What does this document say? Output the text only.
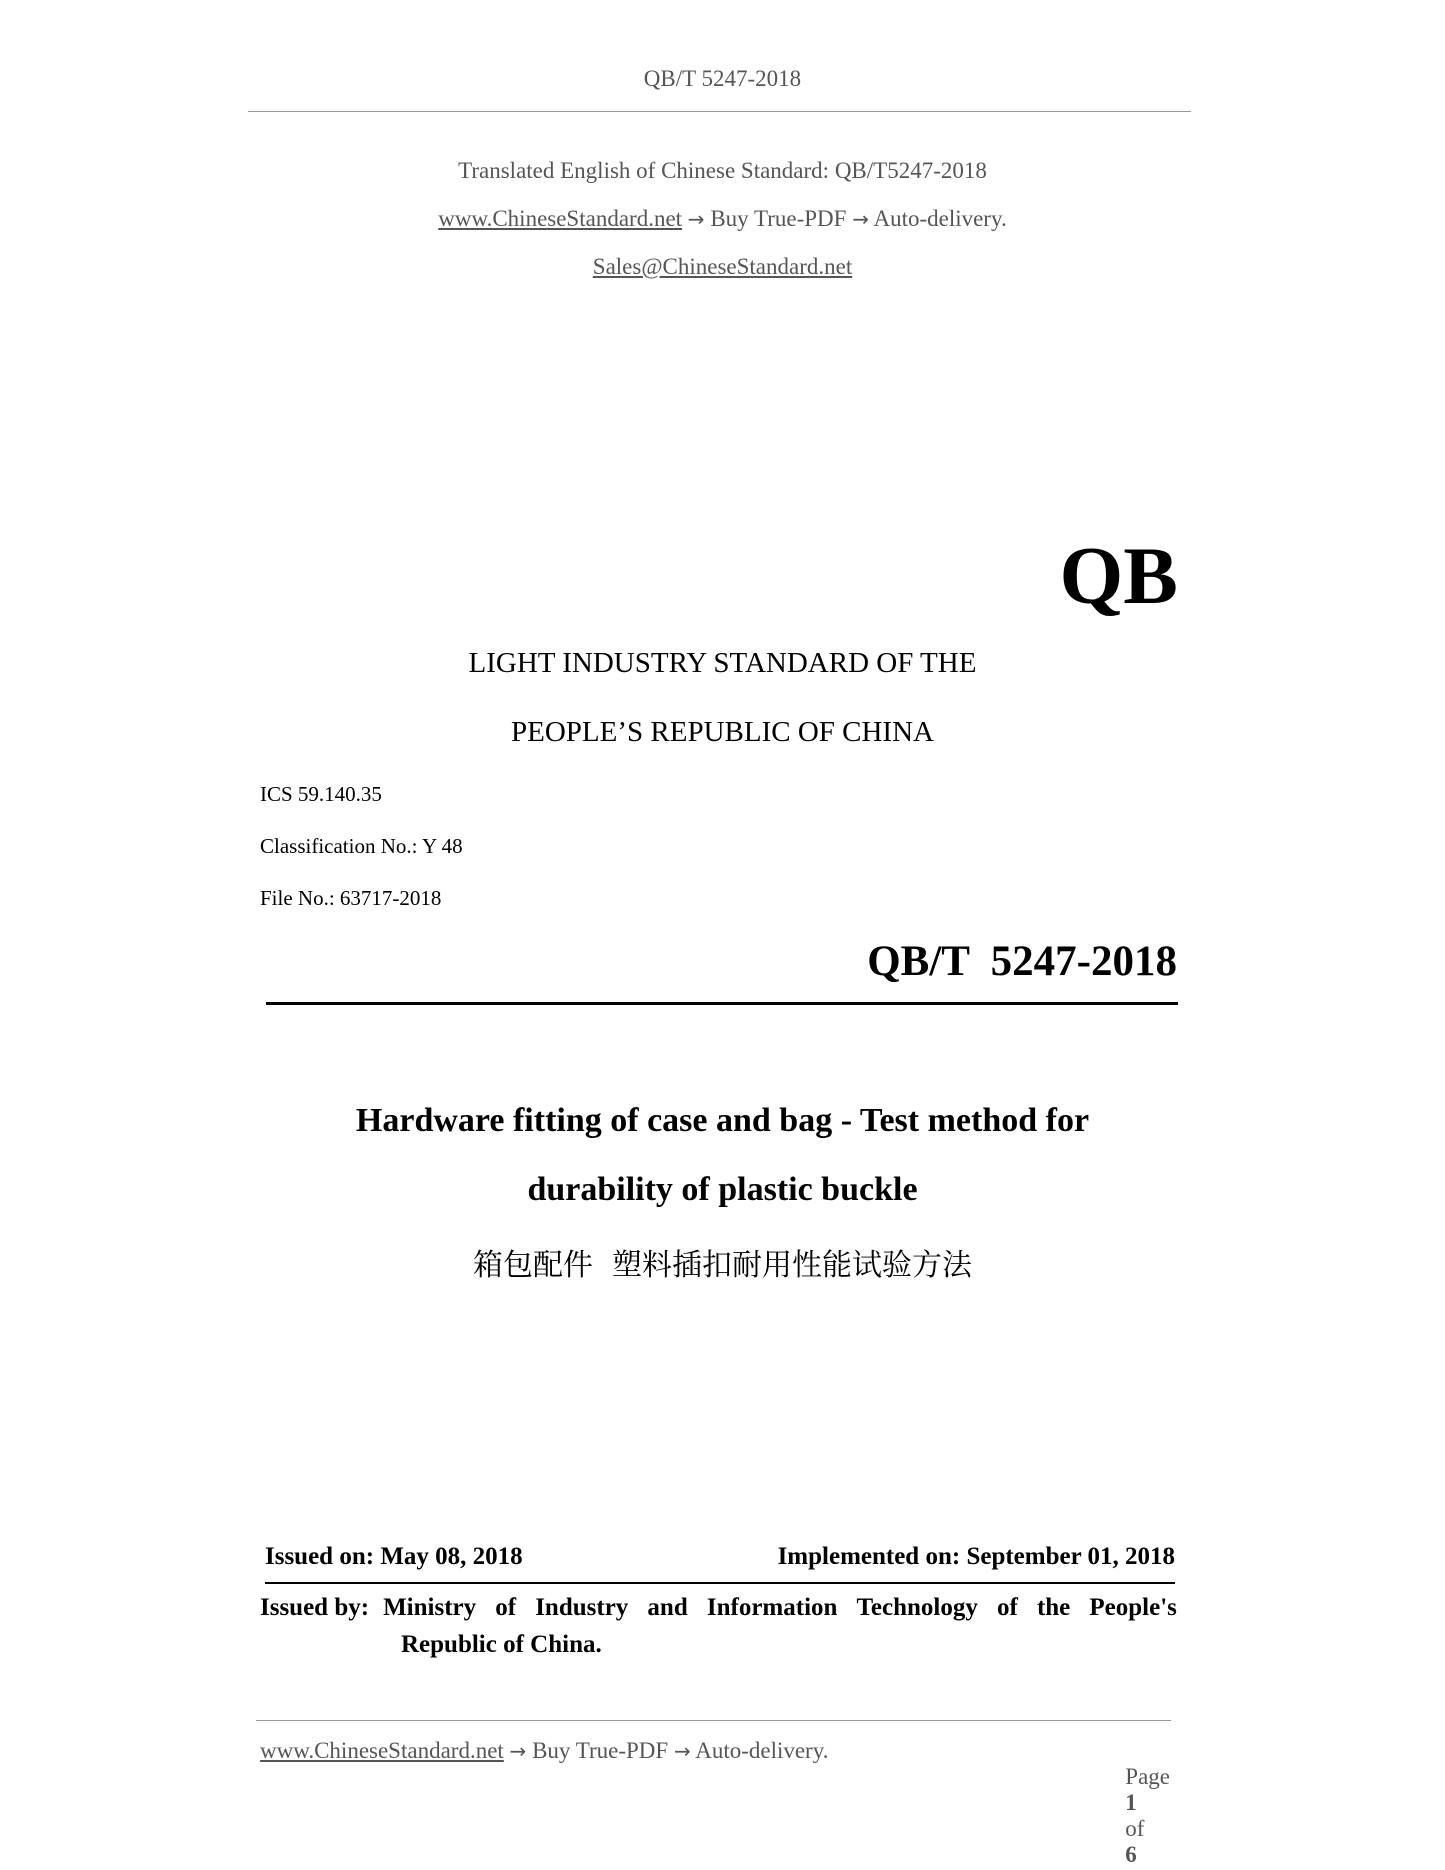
QB/T 5247-2018
Translated English of Chinese Standard: QB/T5247-2018
www.ChineseStandard.net → Buy True-PDF → Auto-delivery.
Sales@ChineseStandard.net
QB
LIGHT INDUSTRY STANDARD OF THE
PEOPLE’S REPUBLIC OF CHINA
ICS 59.140.35
Classification No.: Y 48
File No.: 63717-2018
QB/T  5247-2018
Hardware fitting of case and bag - Test method for
durability of plastic buckle
箱包配件  塑料插扣耐用性能试验方法
Issued on: May 08, 2018	Implemented on: September 01, 2018
Issued by: Ministry of Industry and Information Technology of the People's
Republic of China.
www.ChineseStandard.net → Buy True-PDF → Auto-delivery.

Page
1
of
6
